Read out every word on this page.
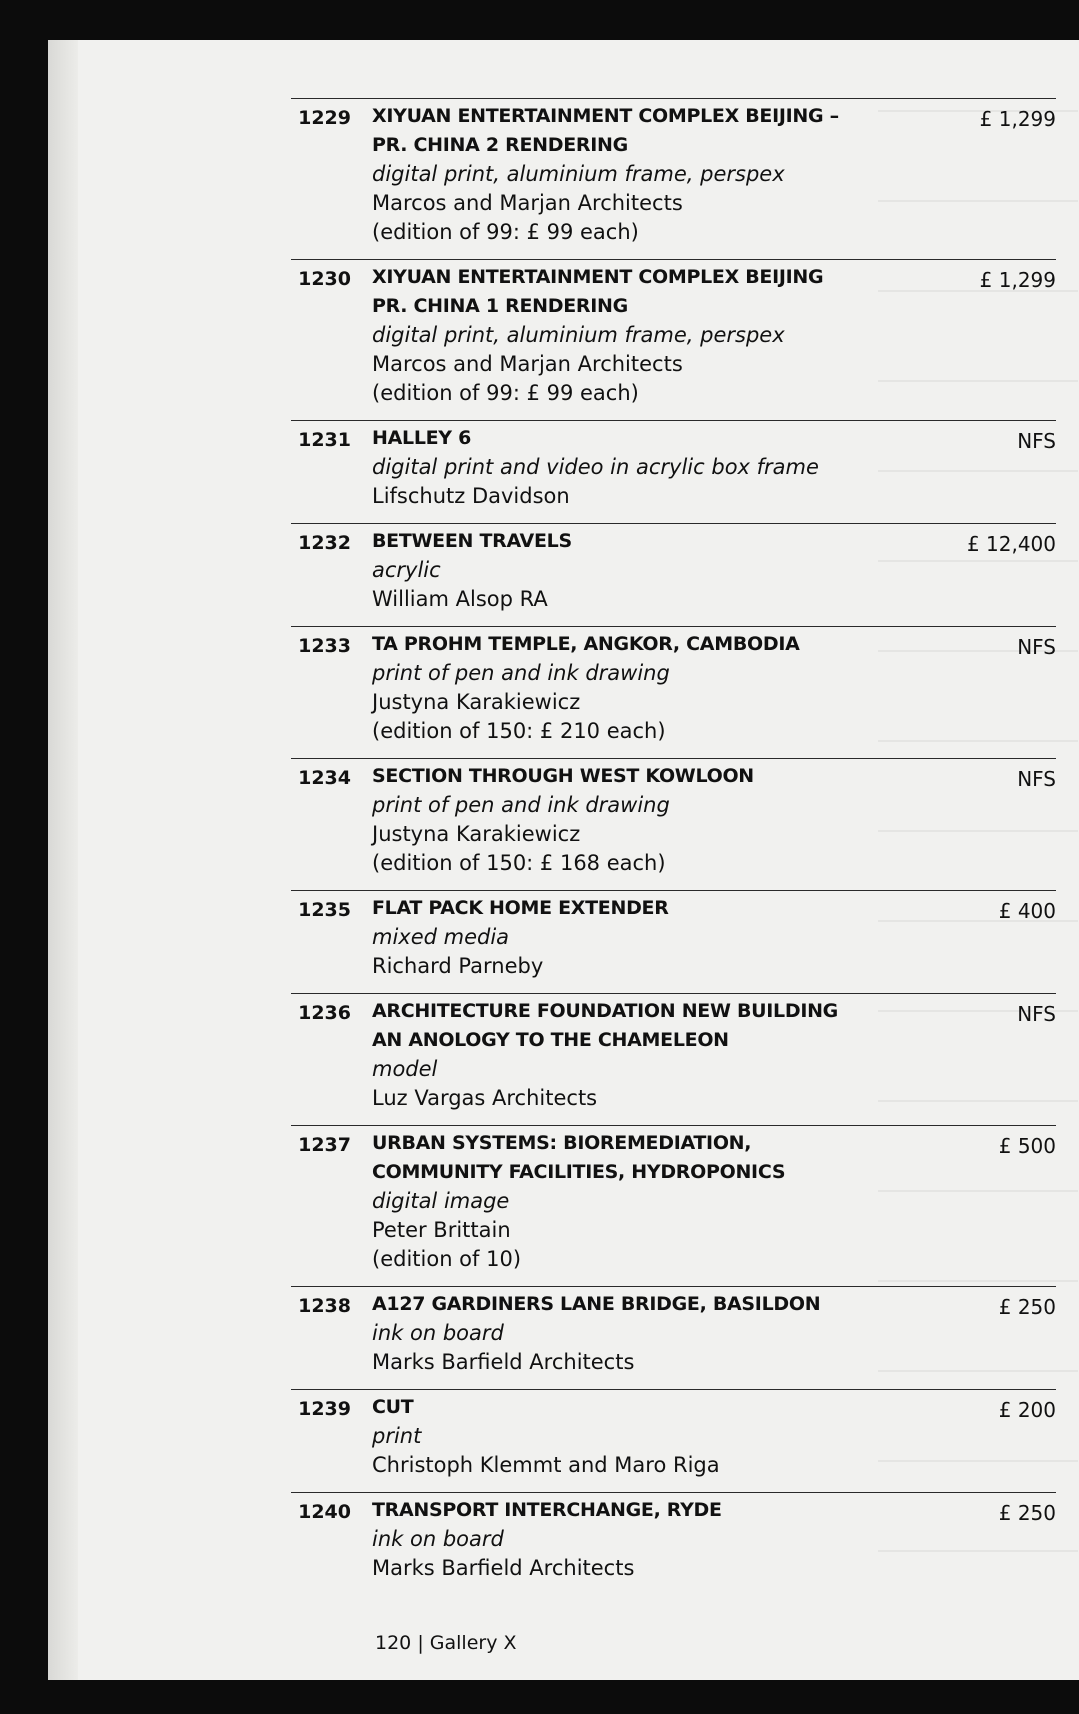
1229 XIYUAN ENTERTAINMENT COMPLEX BEIJING –
PR. CHINA 2 RENDERING
digital print, aluminium frame, perspex
Marcos and Marjan Architects
(edition of 99: £ 99 each)
£ 1,299
1230 XIYUAN ENTERTAINMENT COMPLEX BEIJING
PR. CHINA 1 RENDERING
digital print, aluminium frame, perspex
Marcos and Marjan Architects
(edition of 99: £ 99 each)
£ 1,299
1231 HALLEY 6
digital print and video in acrylic box frame
Lifschutz Davidson
NFS
1232 BETWEEN TRAVELS
acrylic
William Alsop RA
£ 12,400
1233 TA PROHM TEMPLE, ANGKOR, CAMBODIA
print of pen and ink drawing
Justyna Karakiewicz
(edition of 150: £ 210 each)
NFS
1234 SECTION THROUGH WEST KOWLOON
print of pen and ink drawing
Justyna Karakiewicz
(edition of 150: £ 168 each)
NFS
1235 FLAT PACK HOME EXTENDER
mixed media
Richard Parneby
£ 400
1236 ARCHITECTURE FOUNDATION NEW BUILDING
AN ANOLOGY TO THE CHAMELEON
model
Luz Vargas Architects
NFS
1237 URBAN SYSTEMS: BIOREMEDIATION,
COMMUNITY FACILITIES, HYDROPONICS
digital image
Peter Brittain
(edition of 10)
£ 500
1238 A127 GARDINERS LANE BRIDGE, BASILDON
ink on board
Marks Barfield Architects
£ 250
1239 CUT
print
Christoph Klemmt and Maro Riga
£ 200
1240 TRANSPORT INTERCHANGE, RYDE
ink on board
Marks Barfield Architects
£ 250
120 | Gallery X
